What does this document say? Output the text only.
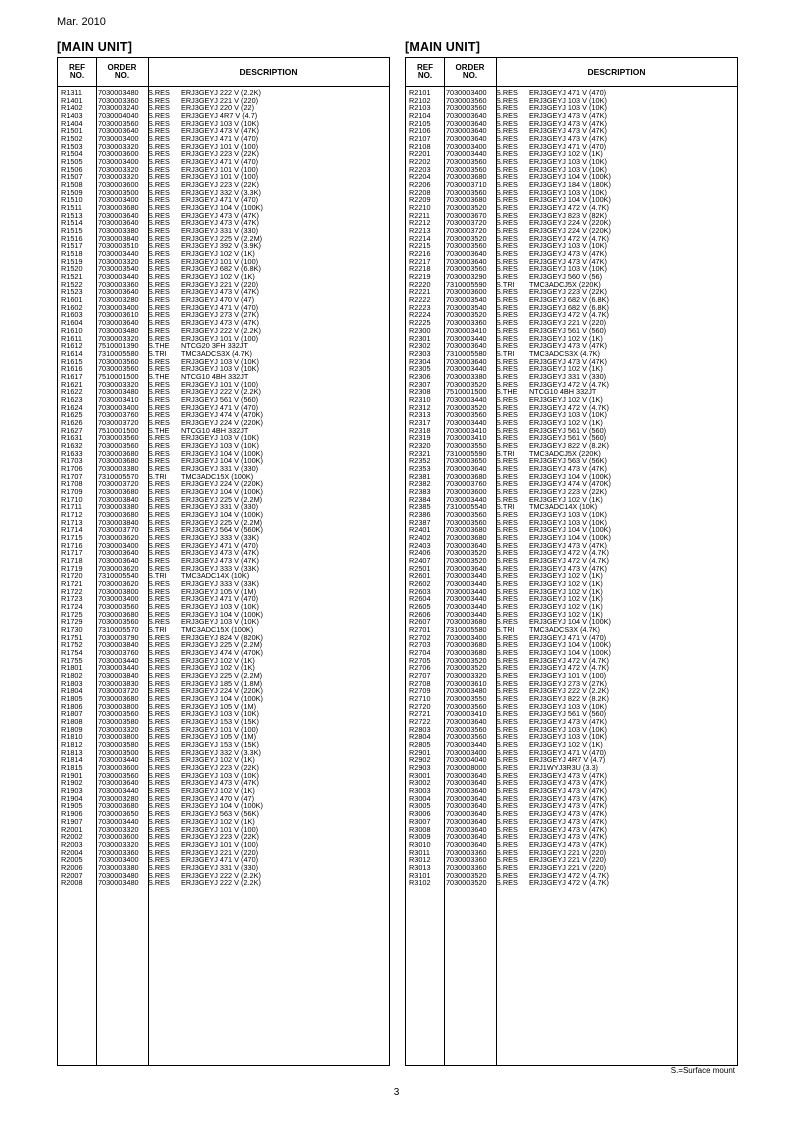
Mar. 2010
[MAIN UNIT]	[MAIN UNIT]
REF
NO.
ORDER
NO.	DESCRIPTION
R1311 7030003480 S.RES ERJ3GEYJ 222 V (2.2K)
R1401 7030003360 S.RES ERJ3GEYJ 221 V (220)
R1402 7030003240 S.RES ERJ3GEYJ 220 V (22)
R1403 7030004040 S.RES ERJ3GEYJ 4R7 V (4.7)
R1404 7030003560 S.RES ERJ3GEYJ 103 V (10K)
R1501 7030003640 S.RES ERJ3GEYJ 473 V (47K)
R1502 7030003400 S.RES ERJ3GEYJ 471 V (470)
R1503 7030003320 S.RES ERJ3GEYJ 101 V (100)
R1504 7030003600 S.RES ERJ3GEYJ 223 V (22K)
R1505 7030003400 S.RES ERJ3GEYJ 471 V (470)
R1506 7030003320 S.RES ERJ3GEYJ 101 V (100)
R1507 7030003320 S.RES ERJ3GEYJ 101 V (100)
R1508 7030003600 S.RES ERJ3GEYJ 223 V (22K)
R1509 7030003500 S.RES ERJ3GEYJ 332 V (3.3K)
R1510 7030003400 S.RES ERJ3GEYJ 471 V (470)
R1511 7030003680 S.RES ERJ3GEYJ 104 V (100K)
R1513 7030003640 S.RES ERJ3GEYJ 473 V (47K)
R1514 7030003640 S.RES ERJ3GEYJ 473 V (47K)
R1515 7030003380 S.RES ERJ3GEYJ 331 V (330)
R1516 7030003840 S.RES ERJ3GEYJ 225 V (2.2M)
R1517 7030003510 S.RES ERJ3GEYJ 392 V (3.9K)
R1518 7030003440 S.RES ERJ3GEYJ 102 V (1K)
R1519 7030003320 S.RES ERJ3GEYJ 101 V (100)
R1520 7030003540 S.RES ERJ3GEYJ 682 V (6.8K)
R1521 7030003440 S.RES ERJ3GEYJ 102 V (1K)
R1522 7030003360 S.RES ERJ3GEYJ 221 V (220)
R1523 7030003640 S.RES ERJ3GEYJ 473 V (47K)
R1601 7030003280 S.RES ERJ3GEYJ 470 V (47)
R1602 7030003400 S.RES ERJ3GEYJ 471 V (470)
R1603 7030003610 S.RES ERJ3GEYJ 273 V (27K)
R1604 7030003640 S.RES ERJ3GEYJ 473 V (47K)
R1610 7030003480 S.RES ERJ3GEYJ 222 V (2.2K)
R1611 7030003320 S.RES ERJ3GEYJ 101 V (100)
R1612 7510001390 S.THE NTCG20 3FH 332JT
R1614 7310005580 S.TRI TMC3ADCS3X (4.7K)
R1615 7030003560 S.RES ERJ3GEYJ 103 V (10K)
R1616 7030003560 S.RES ERJ3GEYJ 103 V (10K)
R1617 7510001500 S.THE NTCG10 4BH 332JT
R1621 7030003320 S.RES ERJ3GEYJ 101 V (100)
R1622 7030003480 S.RES ERJ3GEYJ 222 V (2.2K)
R1623 7030003410 S.RES ERJ3GEYJ 561 V (560)
R1624 7030003400 S.RES ERJ3GEYJ 471 V (470)
R1625 7030003760 S.RES ERJ3GEYJ 474 V (470K)
R1626 7030003720 S.RES ERJ3GEYJ 224 V (220K)
R1627 7510001500 S.THE NTCG10 4BH 332JT
R1631 7030003560 S.RES ERJ3GEYJ 103 V (10K)
R1632 7030003560 S.RES ERJ3GEYJ 103 V (10K)
R1633 7030003680 S.RES ERJ3GEYJ 104 V (100K)
R1703 7030003680 S.RES ERJ3GEYJ 104 V (100K)
R1706 7030003380 S.RES ERJ3GEYJ 331 V (330)
R1707 7310005570 S.TRI TMC3ADC15X (100K)
R1708 7030003720 S.RES ERJ3GEYJ 224 V (220K)
R1709 7030003680 S.RES ERJ3GEYJ 104 V (100K)
R1710 7030003840 S.RES ERJ3GEYJ 225 V (2.2M)
R1711 7030003380 S.RES ERJ3GEYJ 331 V (330)
R1712 7030003680 S.RES ERJ3GEYJ 104 V (100K)
R1713 7030003840 S.RES ERJ3GEYJ 225 V (2.2M)
R1714 7030003770 S.RES ERJ3GEYJ 564 V (560K)
R1715 7030003620 S.RES ERJ3GEYJ 333 V (33K)
R1716 7030003400 S.RES ERJ3GEYJ 471 V (470)
R1717 7030003640 S.RES ERJ3GEYJ 473 V (47K)
R1718 7030003640 S.RES ERJ3GEYJ 473 V (47K)
R1719 7030003620 S.RES ERJ3GEYJ 333 V (33K)
R1720 7310005540 S.TRI TMC3ADC14X (10K)
R1721 7030003620 S.RES ERJ3GEYJ 333 V (33K)
R1722 7030003800 S.RES ERJ3GEYJ 105 V (1M)
R1723 7030003400 S.RES ERJ3GEYJ 471 V (470)
R1724 7030003560 S.RES ERJ3GEYJ 103 V (10K)
R1725 7030003680 S.RES ERJ3GEYJ 104 V (100K)
R1729 7030003560 S.RES ERJ3GEYJ 103 V (10K)
R1730 7310005570 S.TRI TMC3ADC15X (100K)
R1751 7030003790 S.RES ERJ3GEYJ 824 V (820K)
R1752 7030003840 S.RES ERJ3GEYJ 225 V (2.2M)
R1754 7030003760 S.RES ERJ3GEYJ 474 V (470K)
R1755 7030003440 S.RES ERJ3GEYJ 102 V (1K)
R1801 7030003440 S.RES ERJ3GEYJ 102 V (1K)
R1802 7030003840 S.RES ERJ3GEYJ 225 V (2.2M)
R1803 7030003830 S.RES ERJ3GEYJ 185 V (1.8M)
R1804 7030003720 S.RES ERJ3GEYJ 224 V (220K)
R1805 7030003680 S.RES ERJ3GEYJ 104 V (100K)
R1806 7030003800 S.RES ERJ3GEYJ 105 V (1M)
R1807 7030003560 S.RES ERJ3GEYJ 103 V (10K)
R1808 7030003580 S.RES ERJ3GEYJ 153 V (15K)
R1809 7030003320 S.RES ERJ3GEYJ 101 V (100)
R1810 7030003800 S.RES ERJ3GEYJ 105 V (1M)
R1812 7030003580 S.RES ERJ3GEYJ 153 V (15K)
R1813 7030003500 S.RES ERJ3GEYJ 332 V (3.3K)
R1814 7030003440 S.RES ERJ3GEYJ 102 V (1K)
R1815 7030003600 S.RES ERJ3GEYJ 223 V (22K)
R1901 7030003560 S.RES ERJ3GEYJ 103 V (10K)
R1902 7030003640 S.RES ERJ3GEYJ 473 V (47K)
R1903 7030003440 S.RES ERJ3GEYJ 102 V (1K)
R1904 7030003280 S.RES ERJ3GEYJ 470 V (47)
R1905 7030003680 S.RES ERJ3GEYJ 104 V (100K)
R1906 7030003650 S.RES ERJ3GEYJ 563 V (56K)
R1907 7030003440 S.RES ERJ3GEYJ 102 V (1K)
R2001 7030003320 S.RES ERJ3GEYJ 101 V (100)
R2002 7030003600 S.RES ERJ3GEYJ 223 V (22K)
R2003 7030003320 S.RES ERJ3GEYJ 101 V (100)
R2004 7030003360 S.RES ERJ3GEYJ 221 V (220)
R2005 7030003400 S.RES ERJ3GEYJ 471 V (470)
R2006 7030003380 S.RES ERJ3GEYJ 331 V (330)
R2007 7030003480 S.RES ERJ3GEYJ 222 V (2.2K)
R2008 7030003480 S.RES ERJ3GEYJ 222 V (2.2K)
REF
NO.
ORDER
NO.	DESCRIPTION
R2101 7030003400 S.RES ERJ3GEYJ 471 V (470)
R2102 7030003560 S.RES ERJ3GEYJ 103 V (10K)
R2103 7030003560 S.RES ERJ3GEYJ 103 V (10K)
R2104 7030003640 S.RES ERJ3GEYJ 473 V (47K)
R2105 7030003640 S.RES ERJ3GEYJ 473 V (47K)
R2106 7030003640 S.RES ERJ3GEYJ 473 V (47K)
R2107 7030003640 S.RES ERJ3GEYJ 473 V (47K)
R2108 7030003400 S.RES ERJ3GEYJ 471 V (470)
R2201 7030003440 S.RES ERJ3GEYJ 102 V (1K)
R2202 7030003560 S.RES ERJ3GEYJ 103 V (10K)
R2203 7030003560 S.RES ERJ3GEYJ 103 V (10K)
R2204 7030003680 S.RES ERJ3GEYJ 104 V (100K)
R2206 7030003710 S.RES ERJ3GEYJ 184 V (180K)
R2208 7030003560 S.RES ERJ3GEYJ 103 V (10K)
R2209 7030003680 S.RES ERJ3GEYJ 104 V (100K)
R2210 7030003520 S.RES ERJ3GEYJ 472 V (4.7K)
R2211 7030003670 S.RES ERJ3GEYJ 823 V (82K)
R2212 7030003720 S.RES ERJ3GEYJ 224 V (220K)
R2213 7030003720 S.RES ERJ3GEYJ 224 V (220K)
R2214 7030003520 S.RES ERJ3GEYJ 472 V (4.7K)
R2215 7030003560 S.RES ERJ3GEYJ 103 V (10K)
R2216 7030003640 S.RES ERJ3GEYJ 473 V (47K)
R2217 7030003640 S.RES ERJ3GEYJ 473 V (47K)
R2218 7030003560 S.RES ERJ3GEYJ 103 V (10K)
R2219 7030003290 S.RES ERJ3GEYJ 560 V (56)
R2220 7310005590 S.TRI TMC3ADCJ5X (220K)
R2221 7030003600 S.RES ERJ3GEYJ 223 V (22K)
R2222 7030003540 S.RES ERJ3GEYJ 682 V (6.8K)
R2223 7030003540 S.RES ERJ3GEYJ 682 V (6.8K)
R2224 7030003520 S.RES ERJ3GEYJ 472 V (4.7K)
R2225 7030003360 S.RES ERJ3GEYJ 221 V (220)
R2300 7030003410 S.RES ERJ3GEYJ 561 V (560)
R2301 7030003440 S.RES ERJ3GEYJ 102 V (1K)
R2302 7030003640 S.RES ERJ3GEYJ 473 V (47K)
R2303 7310005580 S.TRI TMC3ADCS3X (4.7K)
R2304 7030003640 S.RES ERJ3GEYJ 473 V (47K)
R2305 7030003440 S.RES ERJ3GEYJ 102 V (1K)
R2306 7030003380 S.RES ERJ3GEYJ 331 V (330)
R2307 7030003520 S.RES ERJ3GEYJ 472 V (4.7K)
R2308 7510001500 S.THE NTCG10 4BH 332JT
R2310 7030003440 S.RES ERJ3GEYJ 102 V (1K)
R2312 7030003520 S.RES ERJ3GEYJ 472 V (4.7K)
R2313 7030003560 S.RES ERJ3GEYJ 103 V (10K)
R2317 7030003440 S.RES ERJ3GEYJ 102 V (1K)
R2318 7030003410 S.RES ERJ3GEYJ 561 V (560)
R2319 7030003410 S.RES ERJ3GEYJ 561 V (560)
R2320 7030003550 S.RES ERJ3GEYJ 822 V (8.2K)
R2321 7310005590 S.TRI TMC3ADCJ5X (220K)
R2352 7030003650 S.RES ERJ3GEYJ 563 V (56K)
R2353 7030003640 S.RES ERJ3GEYJ 473 V (47K)
R2381 7030003680 S.RES ERJ3GEYJ 104 V (100K)
R2382 7030003760 S.RES ERJ3GEYJ 474 V (470K)
R2383 7030003600 S.RES ERJ3GEYJ 223 V (22K)
R2384 7030003440 S.RES ERJ3GEYJ 102 V (1K)
R2385 7310005540 S.TRI TMC3ADC14X (10K)
R2386 7030003560 S.RES ERJ3GEYJ 103 V (10K)
R2387 7030003560 S.RES ERJ3GEYJ 103 V (10K)
R2401 7030003680 S.RES ERJ3GEYJ 104 V (100K)
R2402 7030003680 S.RES ERJ3GEYJ 104 V (100K)
R2403 7030003640 S.RES ERJ3GEYJ 473 V (47K)
R2406 7030003520 S.RES ERJ3GEYJ 472 V (4.7K)
R2407 7030003520 S.RES ERJ3GEYJ 472 V (4.7K)
R2501 7030003640 S.RES ERJ3GEYJ 473 V (47K)
R2601 7030003440 S.RES ERJ3GEYJ 102 V (1K)
R2602 7030003440 S.RES ERJ3GEYJ 102 V (1K)
R2603 7030003440 S.RES ERJ3GEYJ 102 V (1K)
R2604 7030003440 S.RES ERJ3GEYJ 102 V (1K)
R2605 7030003440 S.RES ERJ3GEYJ 102 V (1K)
R2606 7030003440 S.RES ERJ3GEYJ 102 V (1K)
R2607 7030003680 S.RES ERJ3GEYJ 104 V (100K)
R2701 7310005580 S.TRI TMC3ADCS3X (4.7K)
R2702 7030003400 S.RES ERJ3GEYJ 471 V (470)
R2703 7030003680 S.RES ERJ3GEYJ 104 V (100K)
R2704 7030003680 S.RES ERJ3GEYJ 104 V (100K)
R2705 7030003520 S.RES ERJ3GEYJ 472 V (4.7K)
R2706 7030003520 S.RES ERJ3GEYJ 472 V (4.7K)
R2707 7030003320 S.RES ERJ3GEYJ 101 V (100)
R2708 7030003610 S.RES ERJ3GEYJ 273 V (27K)
R2709 7030003480 S.RES ERJ3GEYJ 222 V (2.2K)
R2710 7030003550 S.RES ERJ3GEYJ 822 V (8.2K)
R2720 7030003560 S.RES ERJ3GEYJ 103 V (10K)
R2721 7030003410 S.RES ERJ3GEYJ 561 V (560)
R2722 7030003640 S.RES ERJ3GEYJ 473 V (47K)
R2803 7030003560 S.RES ERJ3GEYJ 103 V (10K)
R2804 7030003560 S.RES ERJ3GEYJ 103 V (10K)
R2805 7030003440 S.RES ERJ3GEYJ 102 V (1K)
R2901 7030003400 S.RES ERJ3GEYJ 471 V (470)
R2902 7030004040 S.RES ERJ3GEYJ 4R7 V (4.7)
R2903 7030008000 S.RES ERJ1WYJ3R3U (3.3)
R3001 7030003640 S.RES ERJ3GEYJ 473 V (47K)
R3002 7030003640 S.RES ERJ3GEYJ 473 V (47K)
R3003 7030003640 S.RES ERJ3GEYJ 473 V (47K)
R3004 7030003640 S.RES ERJ3GEYJ 473 V (47K)
R3005 7030003640 S.RES ERJ3GEYJ 473 V (47K)
R3006 7030003640 S.RES ERJ3GEYJ 473 V (47K)
R3007 7030003640 S.RES ERJ3GEYJ 473 V (47K)
R3008 7030003640 S.RES ERJ3GEYJ 473 V (47K)
R3009 7030003640 S.RES ERJ3GEYJ 473 V (47K)
R3010 7030003640 S.RES ERJ3GEYJ 473 V (47K)
R3011 7030003360 S.RES ERJ3GEYJ 221 V (220)
R3012 7030003360 S.RES ERJ3GEYJ 221 V (220)
R3013 7030003360 S.RES ERJ3GEYJ 221 V (220)
R3101 7030003520 S.RES ERJ3GEYJ 472 V (4.7K)
R3102 7030003520 S.RES ERJ3GEYJ 472 V (4.7K)
S.=Surface mount
3
